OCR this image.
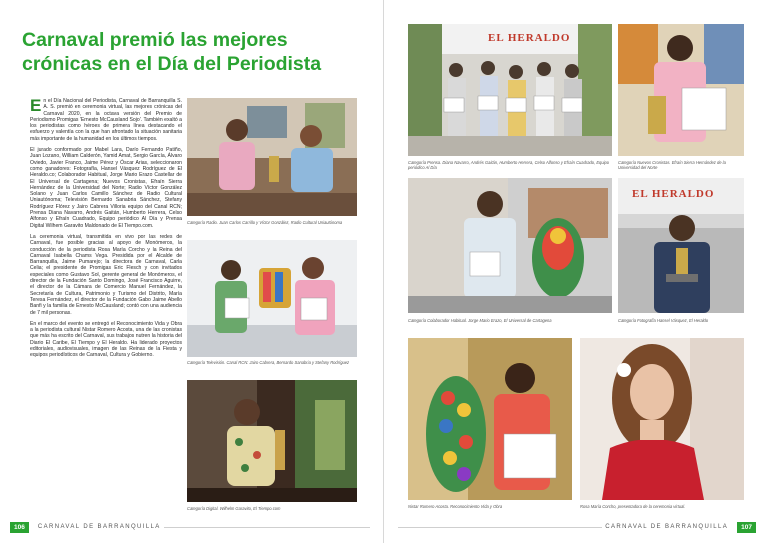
Carnaval premió las mejores crónicas en el Día del Periodista

En el Día Nacional del Periodista, Carnaval de Barranquilla S. A. S. premió en ceremonia virtual, las mejores crónicas del Carnaval 2020, en la octava versión del Premio de Periodismo Promigas 'Ernesto McCausland Sojo'. También exaltó a los periodistas como héroes de primera línea destacando el esfuerzo y valentía con la que han afrontado la situación sanitaria más importante de la humanidad en los últimos tiempos.

El jurado conformado por Mabel Lara, Darío Fernando Patiño, Juan Lozano, William Calderón, Yamid Amat, Sergio García, Álvaro Oviedo, Javier Franco, Jaime Pérez y Óscar Arias, seleccionaron como ganadores: Fotografía, Hansel Vásquez Rodríguez de El Heraldo.co; Colaborador Habitual, Jorge Mario Erazo Castellar de El Universal de Cartagena; Nuevos Cronistas, Efraín Sierra Hernández de la Universidad del Norte; Radio Víctor González Solano y Juan Carlos Camillo Sánchez de Radio Cultural Uniautónoma; Televisión Bernardo Sanabria Sánchez, Stefany Rodríguez Flórez y Jairo Cabrera Villoria equipo del Canal RCN; Prensa Diana Navarro, Andrés Gaitán, Humberto Herrera, Celso Alfonso y Efraín Cuadrado, Equipo periódico Al Día y Prensa Digital Wilhem Garavito Maldonado de El Tiempo.com.

La ceremonia virtual, transmitida en vivo por las redes de Carnaval, fue posible gracias al apoyo de Monómeros, la conducción de la periodista Rosa María Corcho y la Reina del Carnaval Isabella Chams Vega. Presidida por el Alcalde de Barranquilla, Jaime Pumarejo; la directora de Carnaval, Carla Celia; el presidente de Promigas Eric Flesch y con invitados especiales como Gustavo Sol, gerente general de Monómeros, el director de la Fundación Santo Domingo, José Francisco Aguirre, el director de la Cámara de Comercio Manuel Fernández, la Secretaría de Cultura, Patrimonio y Turismo del Distrito, María Teresa Fernández, el director de la Fundación Gabo Jaime Abello Banfi y la familia de Ernesto McCausland; contó con una audiencia de 7 mil personas.

En el marco del evento se entregó el Reconocimiento Vida y Obra a la periodista cultural Nistar Romero Acosta, una de las cronistas que más ha escrito del Carnaval, sus trabajos nutren la historia del Diario El Caribe, El Tiempo y El Heraldo. Ha liderado proyectos editoriales, audiovisuales, imagen de las Reinas de la Fiesta y equipos periodísticos de Carnaval, Cultura y Gobierno.

Categoría Radio. Juan Carlos Carrillo y Víctor González, Radio Cultural Uniautónoma
Categoría Televisión. Canal RCN: Jairo Cabrera, Bernardo Sanabria y Stefany Rodríguez
Categoría Digital. Wilhelm Garavito, El Tiempo.com
106	CARNAVAL DE BARRANQUILLA
EL HERALDO
Categoría Prensa. Diana Navarro, Andrés Gaitán, Humberto Herrera, Celso Alfonso y Efraín Cuadrado, Equipo periódico Al Día
Categoría Nuevos Cronistas. Efraín Sierra Hernández de la Universidad del Norte
Categoría Colaborador Habitual. Jorge Mario Erazo, El Universal de Cartagena
EL HERALDO
Categoría Fotografía Hansel Vásquez, El Heraldo
Nistar Romero Acosta. Reconocimiento Vida y Obra	Rosa María Corcho, presentadora de la ceremonia virtual.
CARNAVAL DE BARRANQUILLA	107
